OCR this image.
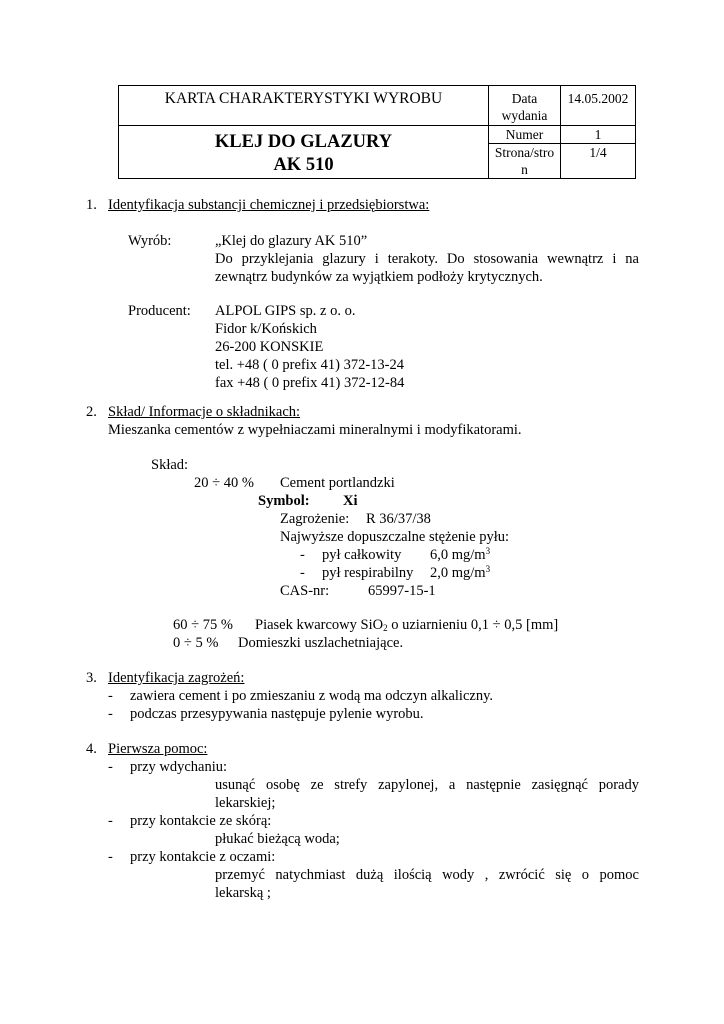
KARTA CHARAKTERYSTYKI WYROBU	Data
wydania	14.05.2002

KLEJ DO GLAZURY
AK 510	Numer	1

	Strona/stro
n	1/4
1. Identyfikacja substancji chemicznej i przedsiębiorstwa:
Wyrób:	„Klej do glazury AK 510”
Do przyklejania glazury i terakoty. Do stosowania wewnątrz i na
zewnątrz budynków za wyjątkiem podłoży krytycznych.
Producent: ALPOL GIPS sp. z o. o.
Fidor k/Końskich
26-200 KONSKIE
tel. +48 ( 0 prefix 41) 372-13-24
fax +48 ( 0 prefix 41) 372-12-84
2. Skład/ Informacje o składnikach:
Mieszanka cementów z wypełniaczami mineralnymi i modyfikatorami.
Skład:
20 ÷ 40 % Cement portlandzki
Symbol: Xi
Zagrożenie: R 36/37/38
Najwyższe dopuszczalne stężenie pyłu:
- pył całkowity 6,0 $mg/m^3$
- pył respirabilny 2,0 $mg/m^3$
CAS-nr:	65997-15-1
60 ÷ 75 % Piasek kwarcowy SiO$_2$ o uziarnieniu 0,1 ÷ 0,5 [mm]
0 ÷ 5 % Domieszki uszlachetniające.
3. Identyfikacja zagrożeń:
- zawiera cement i po zmieszaniu z wodą ma odczyn alkaliczny.
- podczas przesypywania następuje pylenie wyrobu.
4. Pierwsza pomoc:
- przy wdychaniu:
usunąć osobę ze strefy zapylonej, a następnie zasięgnąć porady
lekarskiej;
- przy kontakcie ze skórą:
płukać bieżącą woda;
- przy kontakcie z oczami:
przemyć natychmiast dużą ilością wody , zwrócić się o pomoc
lekarską ;
